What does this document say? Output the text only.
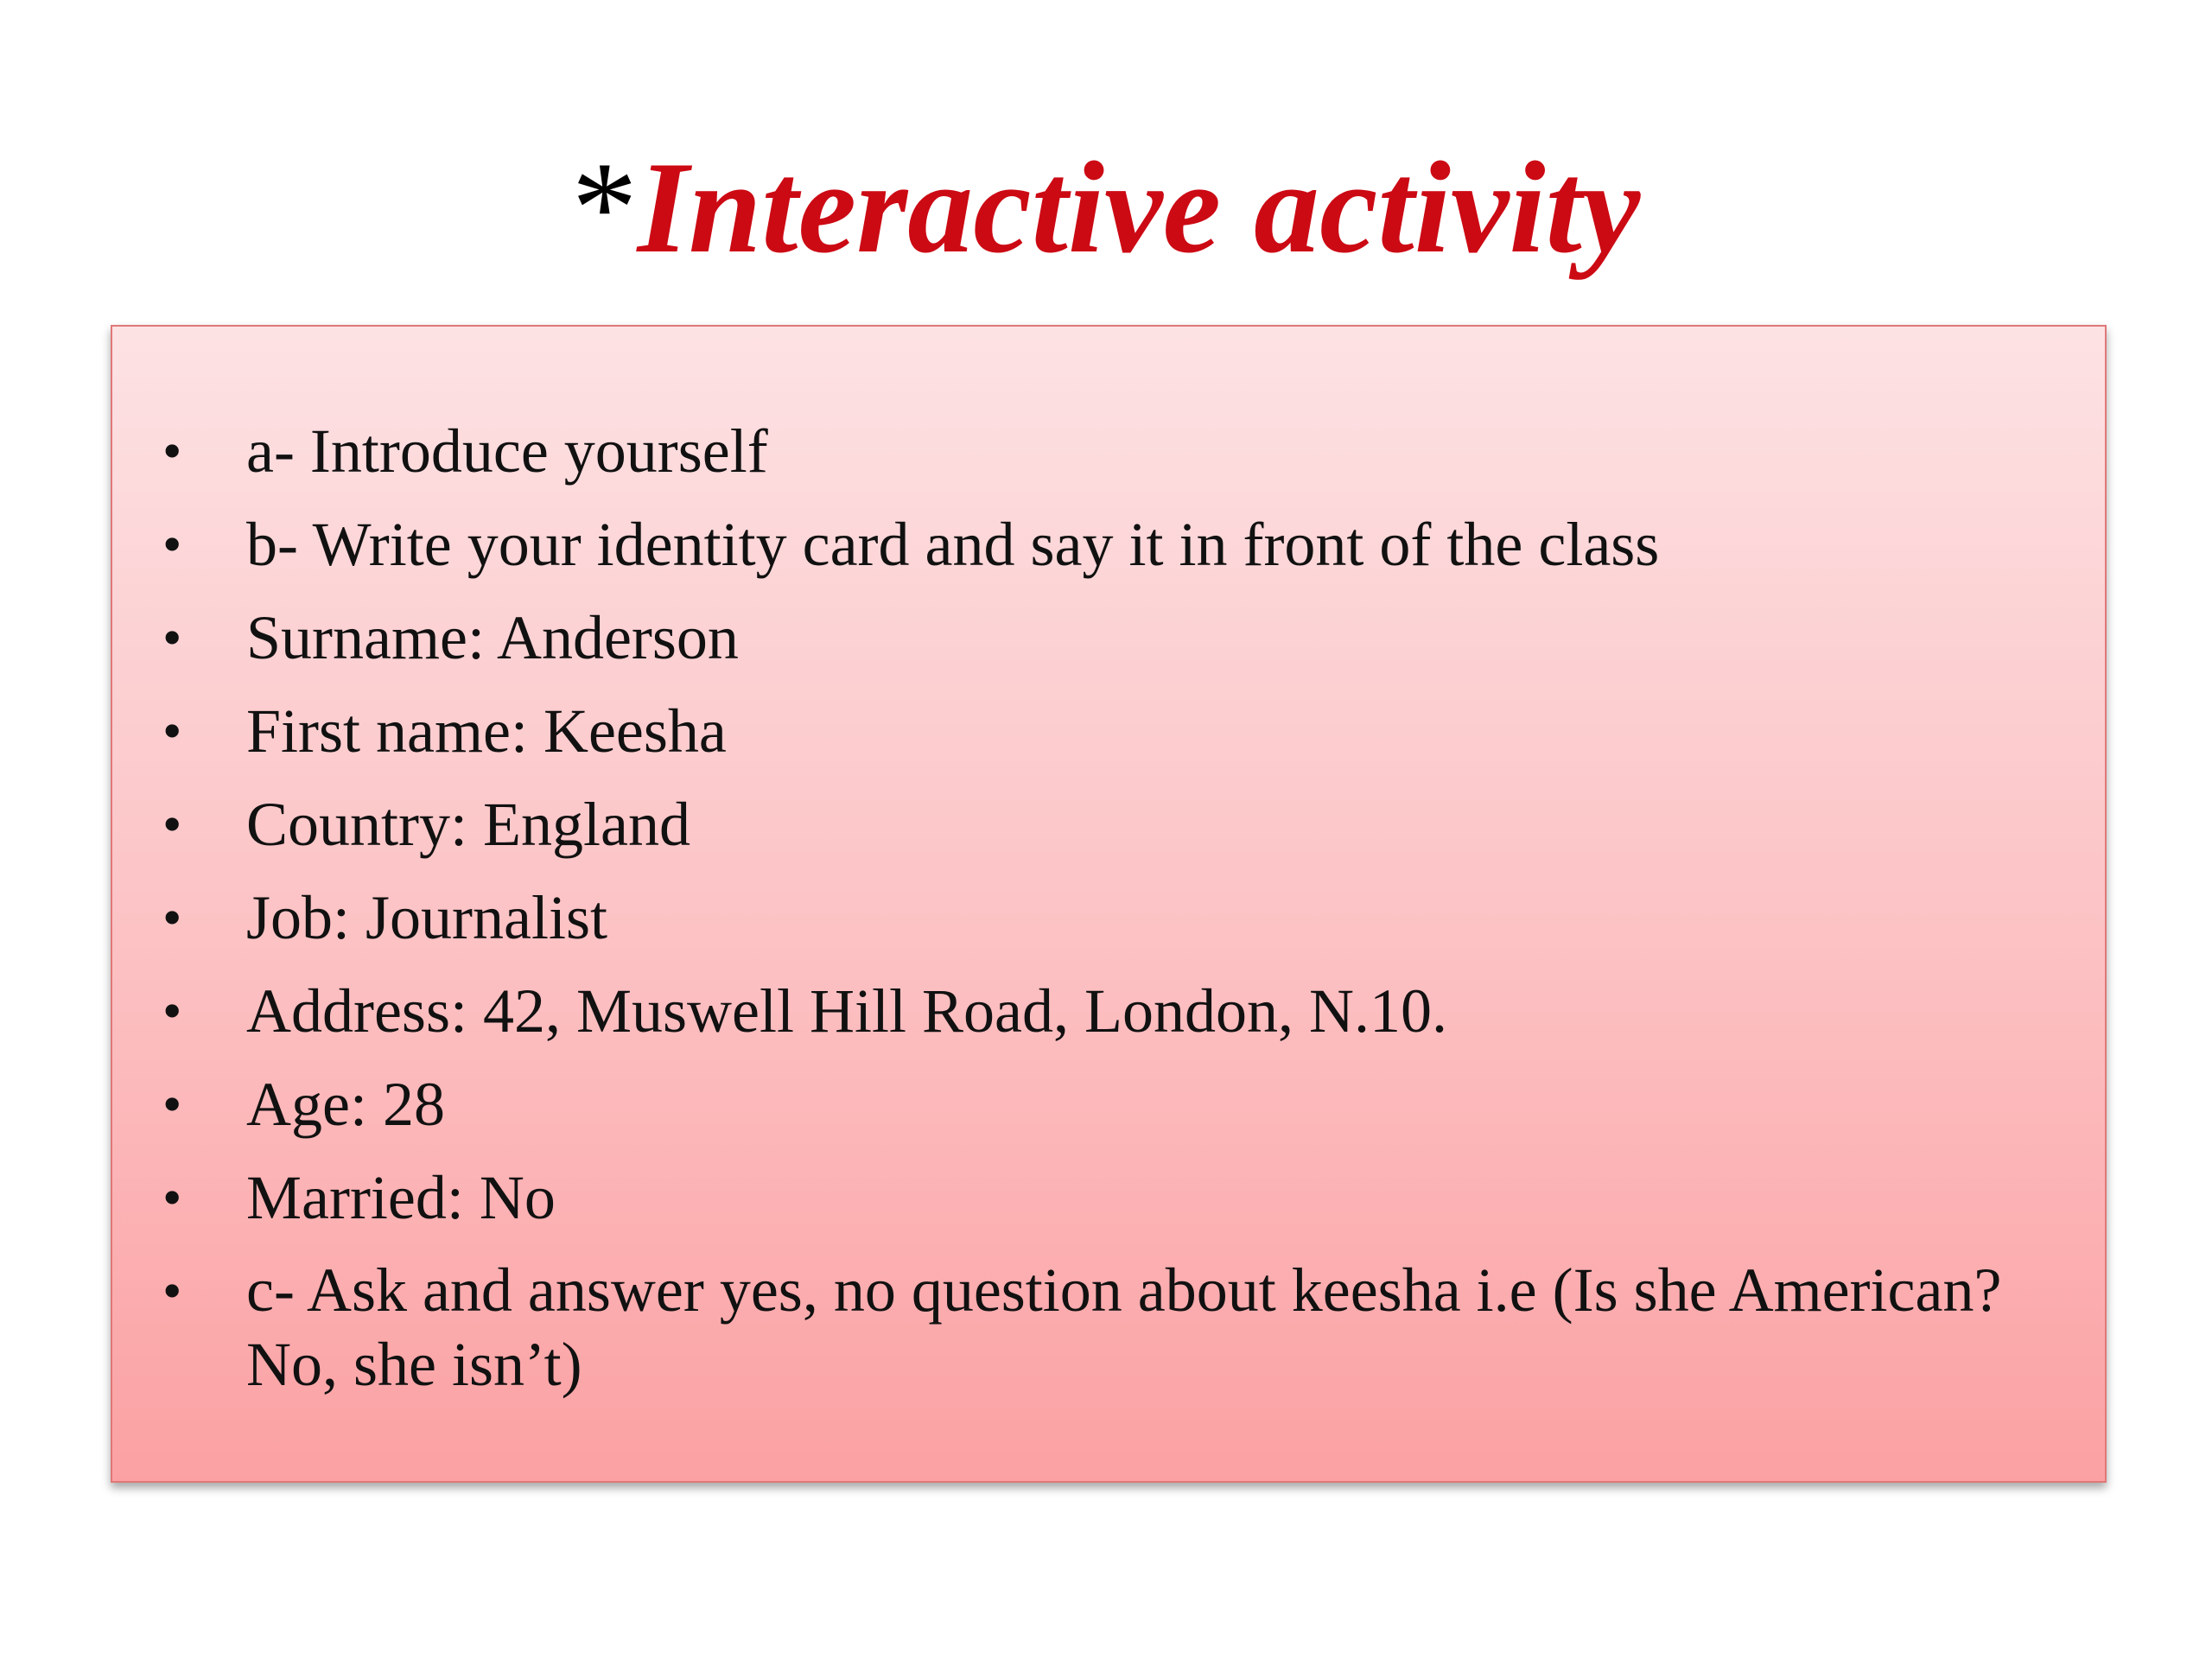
*Interactive activity
• a- Introduce yourself
• b- Write your identity card and say it in front of the class
• Surname: Anderson
• First name: Keesha
• Country: England
• Job: Journalist
• Address: 42, Muswell Hill Road, London, N.10.
• Age: 28
• Married: No
• c- Ask and answer yes, no question about keesha i.e (Is she American? No, she isn’t)
